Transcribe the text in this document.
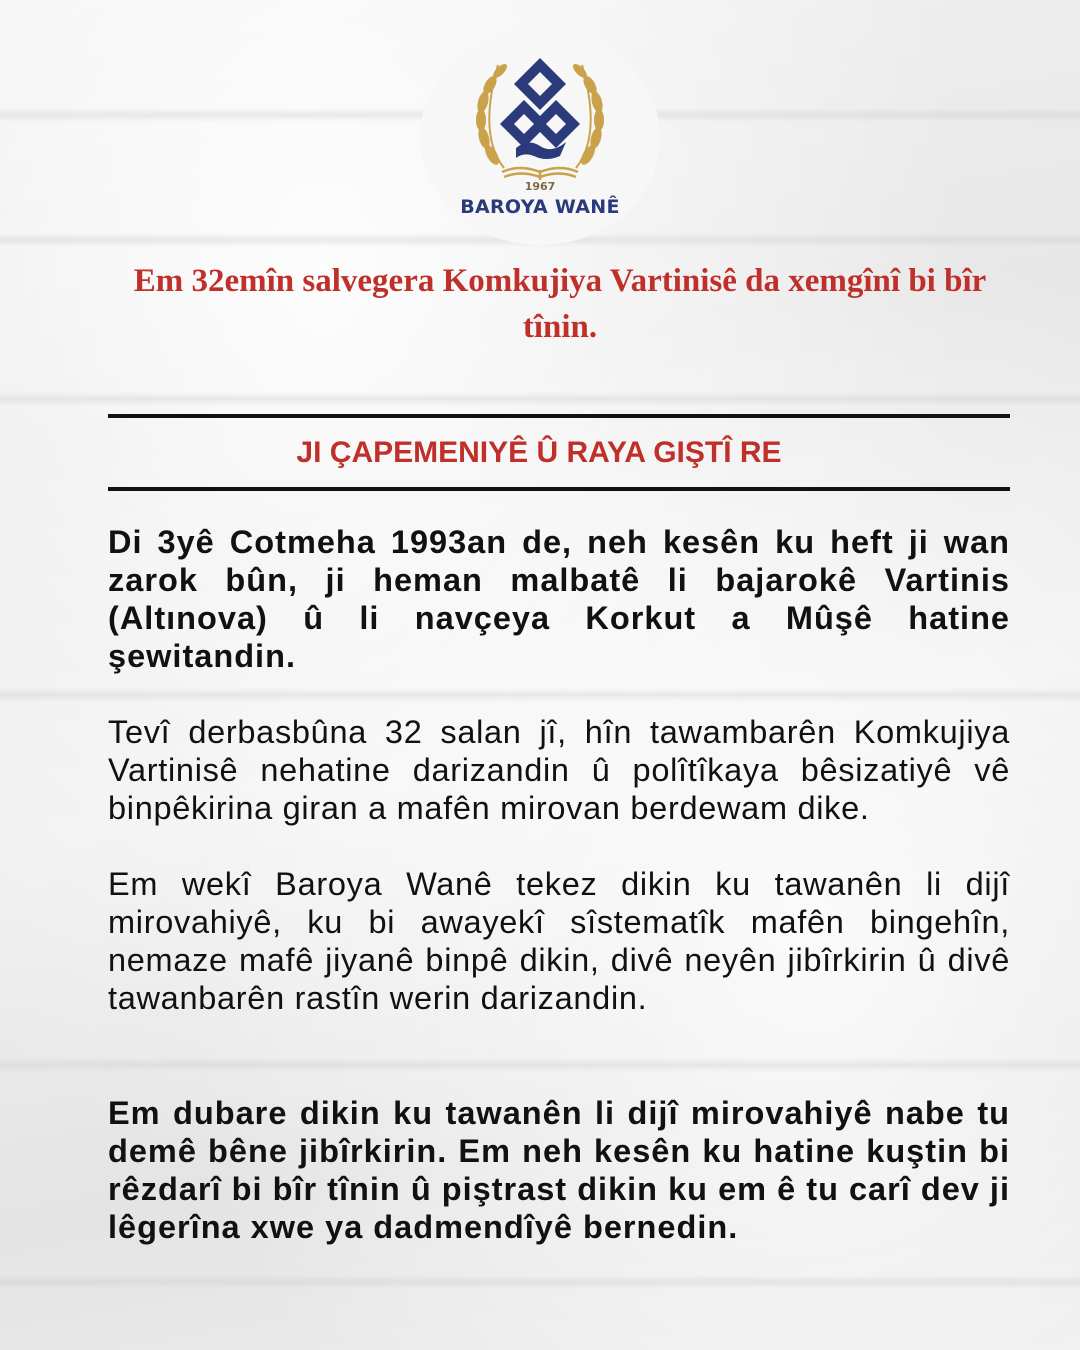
1967
BAROYA WANÊ
Em 32emîn salvegera Komkujiya Vartinisê da xemgînî bi bîr tînin.
JI ÇAPEMENIYÊ Û RAYA GIŞTÎ RE

Di 3yê Cotmeha 1993an de, neh kesên ku heft ji wan zarok bûn, ji heman malbatê li bajarokê Vartinis (Altınova) û li navçeya Korkut a Mûşê hatine şewitandin.

Tevî derbasbûna 32 salan jî, hîn tawambarên Komkujiya Vartinisê nehatine darizandin û polîtîkaya bêsizatiyê vê binpêkirina giran a mafên mirovan berdewam dike.

Em wekî Baroya Wanê tekez dikin ku tawanên li dijî mirovahiyê, ku bi awayekî sîstematîk mafên bingehîn, nemaze mafê jiyanê binpê dikin, divê neyên jibîrkirin û divê tawanbarên rastîn werin darizandin.

Em dubare dikin ku tawanên li dijî mirovahiyê nabe tu demê bêne jibîrkirin. Em neh kesên ku hatine kuştin bi rêzdarî bi bîr tînin û piştrast dikin ku em ê tu carî dev ji lêgerîna xwe ya dadmendîyê bernedin.
